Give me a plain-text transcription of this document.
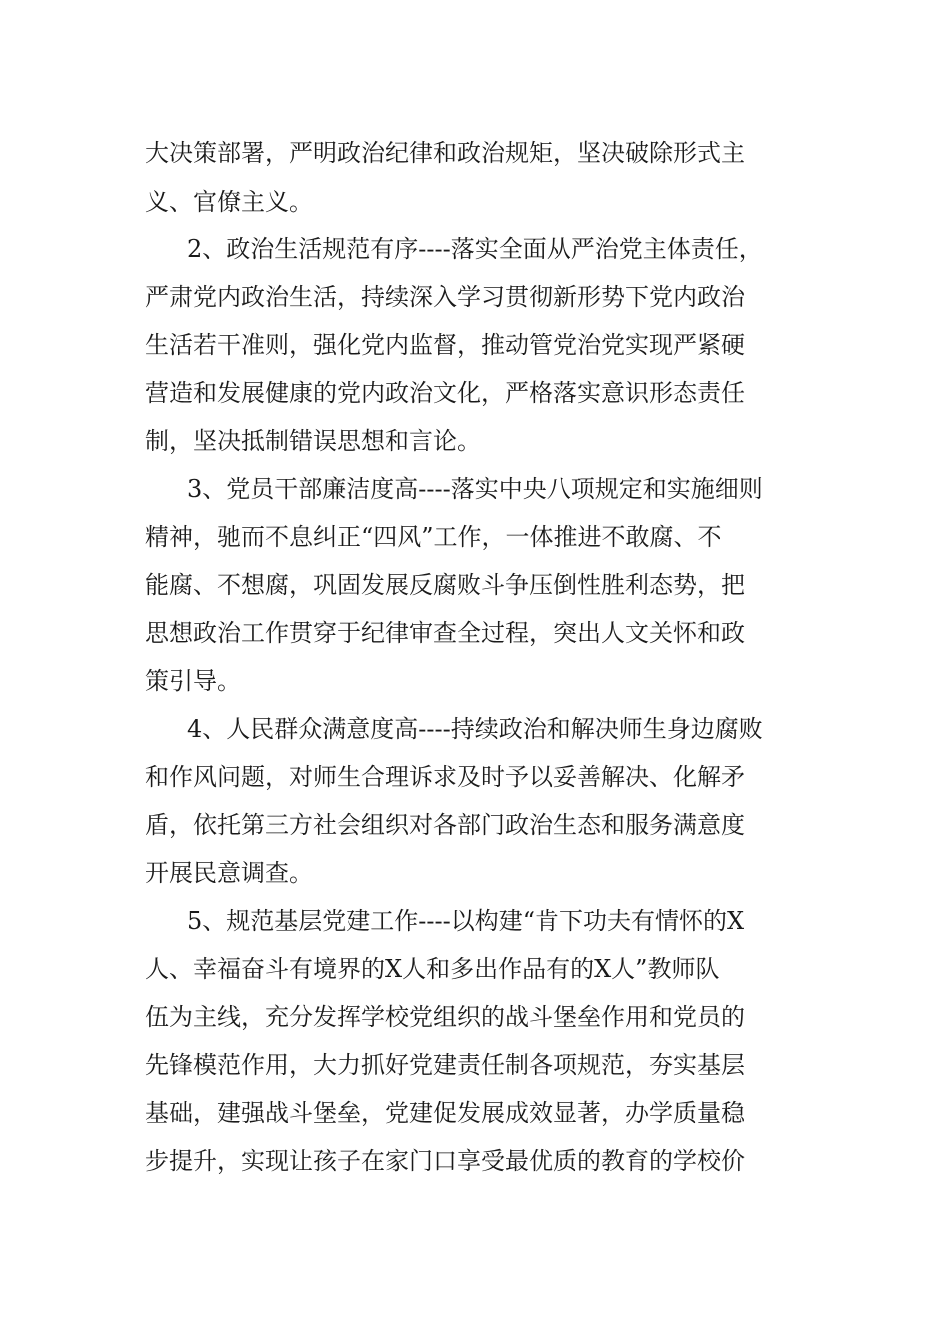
大决策部署，严明政治纪律和政治规矩，坚决破除形式主
义、官僚主义。
2、政治生活规范有序----落实全面从严治党主体责任，
严肃党内政治生活，持续深入学习贯彻新形势下党内政治
生活若干准则，强化党内监督，推动管党治党实现严紧硬
营造和发展健康的党内政治文化，严格落实意识形态责任
制，坚决抵制错误思想和言论。
3、党员干部廉洁度高----落实中央八项规定和实施细则
精神，驰而不息纠正“四风”工作，一体推进不敢腐、不
能腐、不想腐，巩固发展反腐败斗争压倒性胜利态势，把
思想政治工作贯穿于纪律审查全过程，突出人文关怀和政
策引导。
4、人民群众满意度高----持续政治和解决师生身边腐败
和作风问题，对师生合理诉求及时予以妥善解决、化解矛
盾，依托第三方社会组织对各部门政治生态和服务满意度
开展民意调查。
5、规范基层党建工作----以构建“肯下功夫有情怀的X
人、幸福奋斗有境界的X人和多出作品有的X人”教师队
伍为主线，充分发挥学校党组织的战斗堡垒作用和党员的
先锋模范作用，大力抓好党建责任制各项规范，夯实基层
基础，建强战斗堡垒，党建促发展成效显著，办学质量稳
步提升，实现让孩子在家门口享受最优质的教育的学校价
